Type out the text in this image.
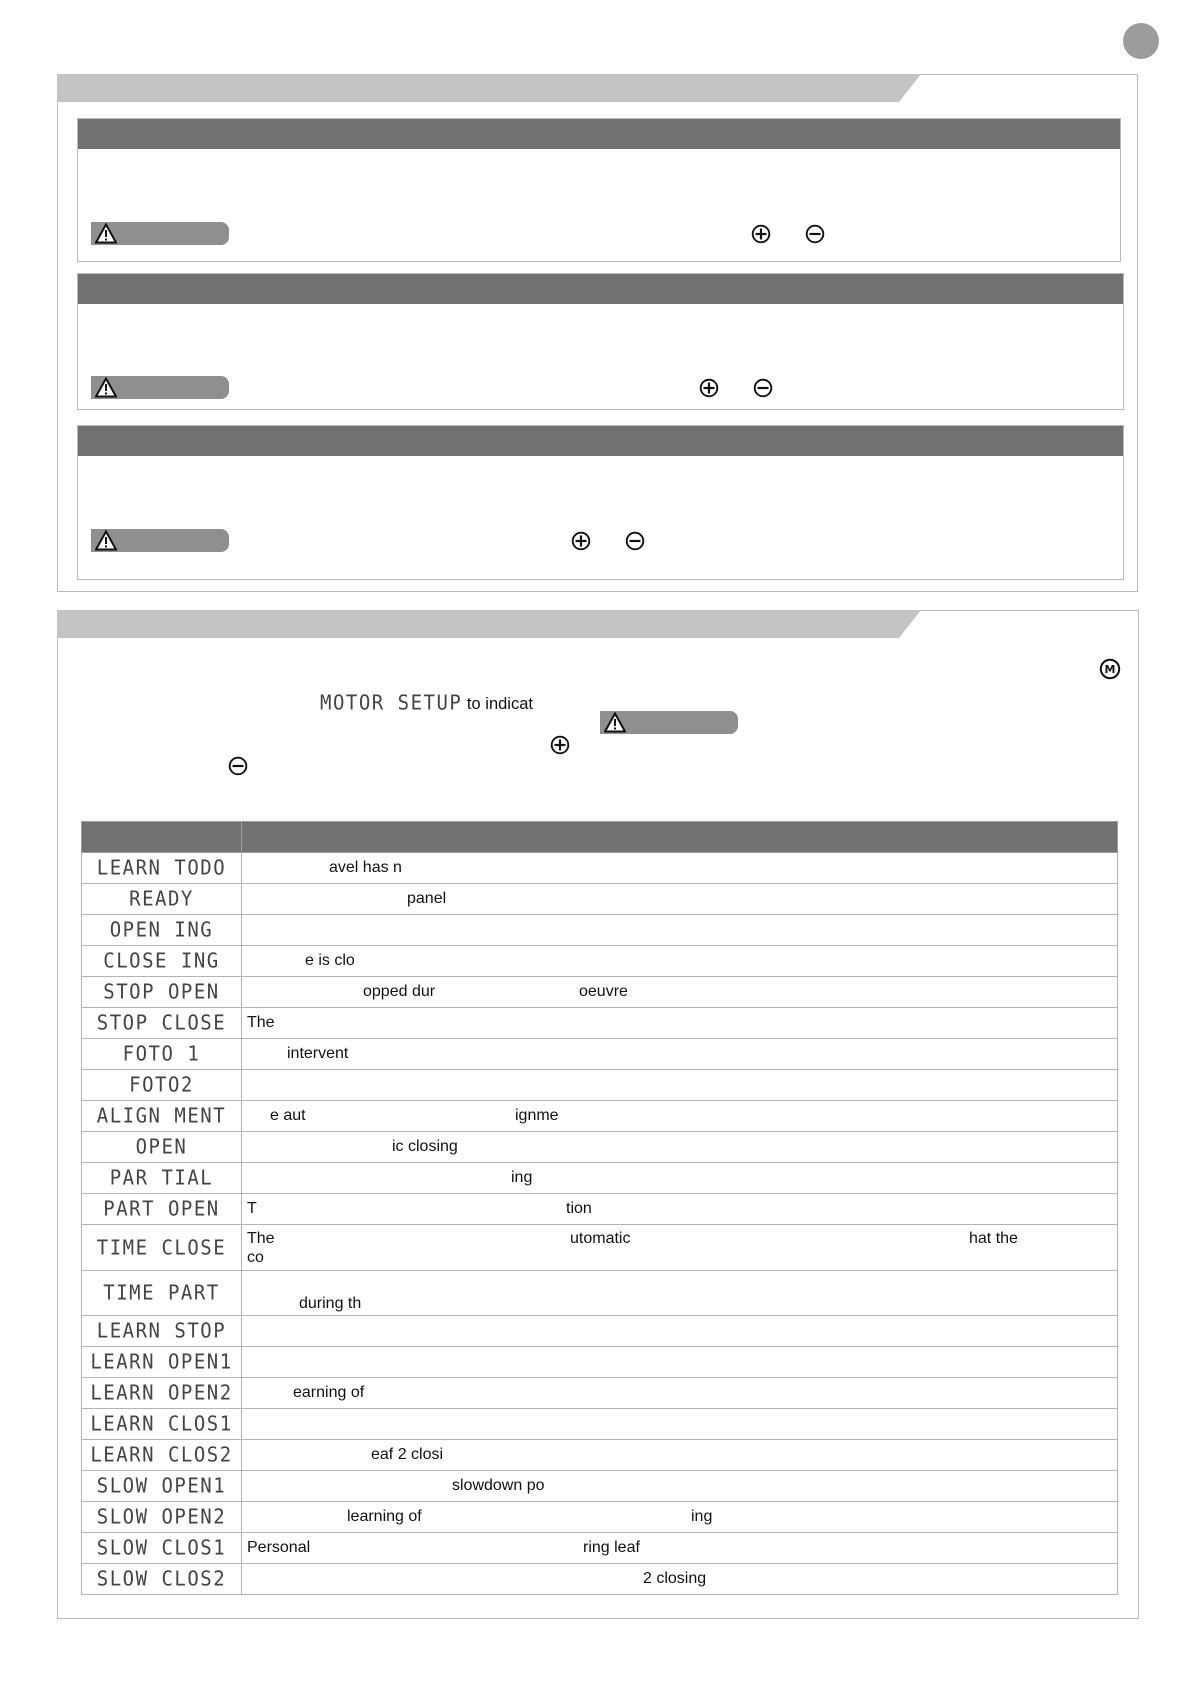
M
MOTOR SETUP to indicat

LEARN TODO	avel has n

READY	panel

OPEN ING	

CLOSE ING	e is clo

STOP OPEN	opped dur oeuvre

STOP CLOSE	The

FOTO 1	intervent

FOTO2	

ALIGN MENT	e aut ignme

OPEN	ic closing

PAR TIAL	ing

PART OPEN	T tion

TIME CLOSE	The utomatic hat the
co

TIME PART	during th

LEARN STOP	

LEARN OPEN1	

LEARN OPEN2	earning of

LEARN CLOS1	

LEARN CLOS2	eaf 2 closi

SLOW OPEN1	slowdown po

SLOW OPEN2	learning of ing

SLOW CLOS1	Personal ring leaf

SLOW CLOS2	2 closing
